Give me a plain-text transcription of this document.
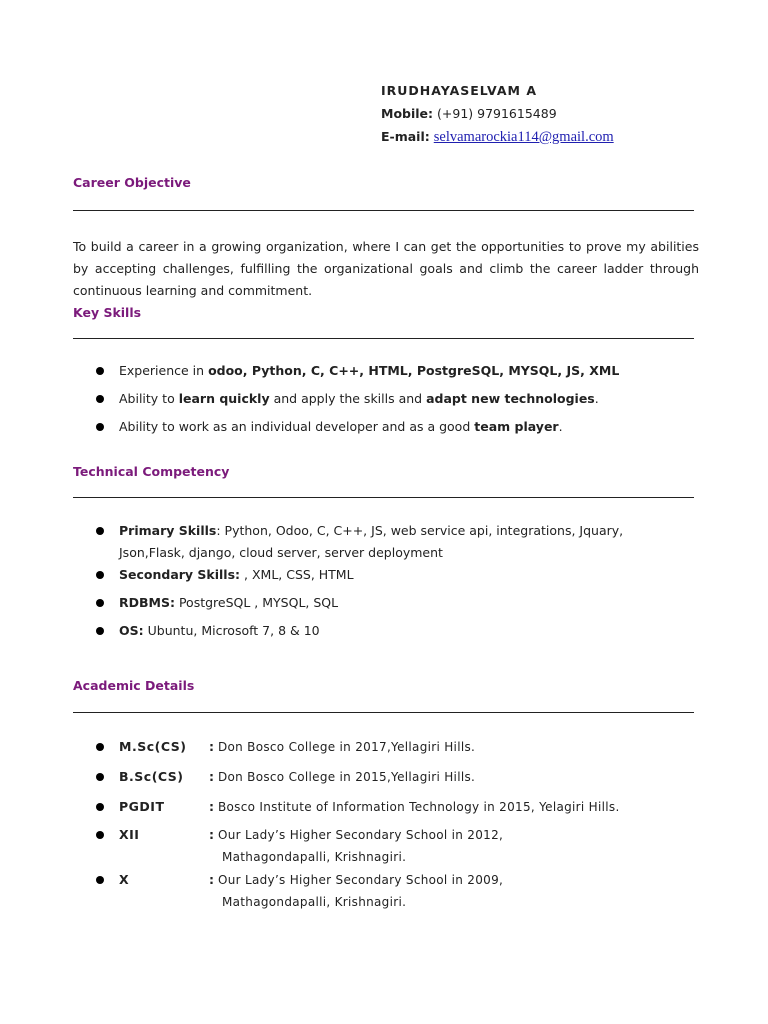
IRUDHAYASELVAM A
Mobile: (+91) 9791615489
E-mail: selvamarockia114@gmail.com
Career Objective
To build a career in a growing organization, where I can get the opportunities to prove my abilities by accepting challenges, fulfilling the organizational goals and climb the career ladder through continuous learning and commitment.
Key Skills
Experience in odoo, Python, C, C++, HTML, PostgreSQL, MYSQL, JS, XML
Ability to learn quickly and apply the skills and adapt new technologies.
Ability to work as an individual developer and as a good team player.
Technical Competency
Primary Skills: Python, Odoo, C, C++, JS, web service api, integrations, Jquary, Json,Flask, django, cloud server, server deployment
Secondary Skills: , XML, CSS, HTML
RDBMS: PostgreSQL , MYSQL, SQL
OS: Ubuntu, Microsoft 7, 8 & 10
Academic Details
M.Sc(CS) : Don Bosco College in 2017,Yellagiri Hills.
B.Sc(CS) : Don Bosco College in 2015,Yellagiri Hills.
PGDIT	: Bosco Institute of Information Technology in 2015, Yelagiri Hills.
XII	: Our Lady’s Higher Secondary School in 2012,
Mathagondapalli, Krishnagiri.
X	: Our Lady’s Higher Secondary School in 2009,
Mathagondapalli, Krishnagiri.
